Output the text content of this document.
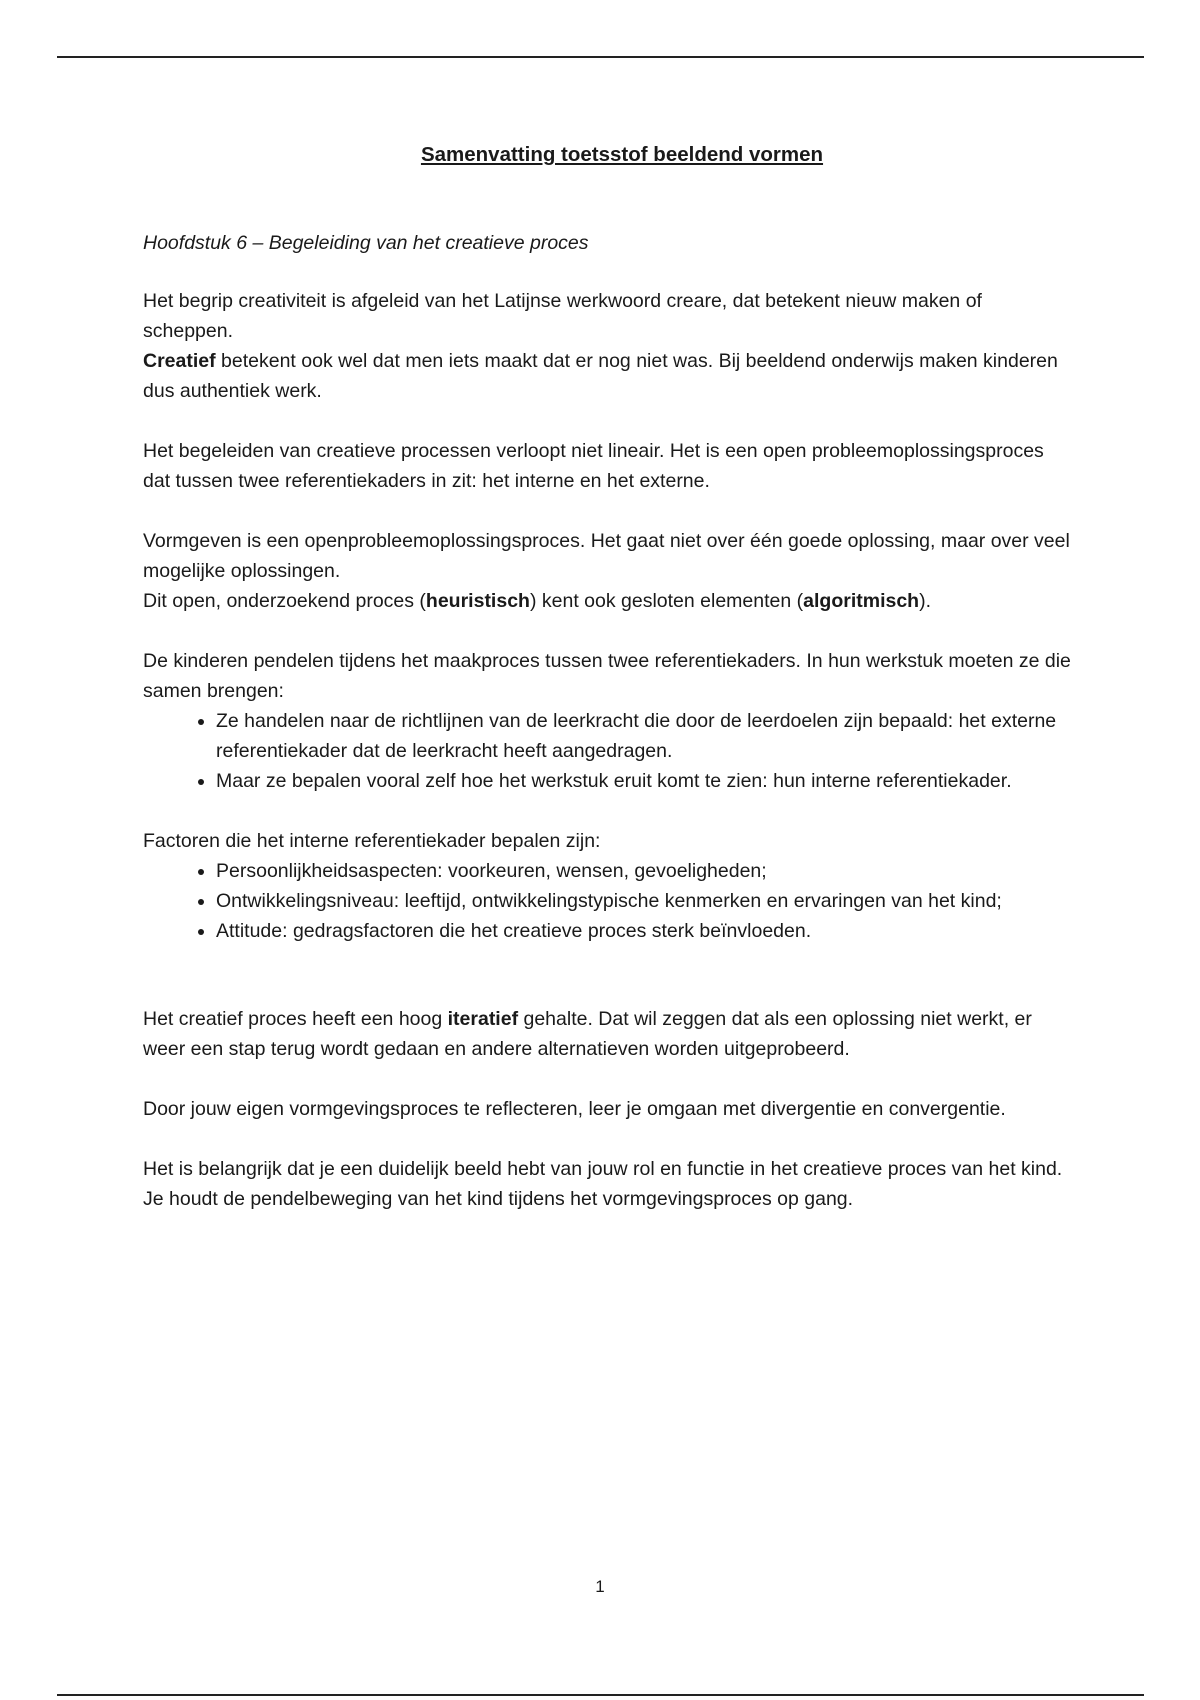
Samenvatting toetsstof beeldend vormen
Hoofdstuk 6 – Begeleiding van het creatieve proces

Het begrip creativiteit is afgeleid van het Latijnse werkwoord creare, dat betekent nieuw maken of scheppen.
Creatief betekent ook wel dat men iets maakt dat er nog niet was. Bij beeldend onderwijs maken kinderen dus authentiek werk.

Het begeleiden van creatieve processen verloopt niet lineair. Het is een open probleemoplossingsproces dat tussen twee referentiekaders in zit: het interne en het externe.

Vormgeven is een openprobleemoplossingsproces. Het gaat niet over één goede oplossing, maar over veel mogelijke oplossingen.
Dit open, onderzoekend proces (heuristisch) kent ook gesloten elementen (algoritmisch).

De kinderen pendelen tijdens het maakproces tussen twee referentiekaders. In hun werkstuk moeten ze die samen brengen:
• Ze handelen naar de richtlijnen van de leerkracht die door de leerdoelen zijn bepaald: het externe referentiekader dat de leerkracht heeft aangedragen.
• Maar ze bepalen vooral zelf hoe het werkstuk eruit komt te zien: hun interne referentiekader.
Factoren die het interne referentiekader bepalen zijn:
• Persoonlijkheidsaspecten: voorkeuren, wensen, gevoeligheden;
• Ontwikkelingsniveau: leeftijd, ontwikkelingstypische kenmerken en ervaringen van het kind;
• Attitude: gedragsfactoren die het creatieve proces sterk beïnvloeden.

Het creatief proces heeft een hoog iteratief gehalte. Dat wil zeggen dat als een oplossing niet werkt, er weer een stap terug wordt gedaan en andere alternatieven worden uitgeprobeerd.

Door jouw eigen vormgevingsproces te reflecteren, leer je omgaan met divergentie en convergentie.

Het is belangrijk dat je een duidelijk beeld hebt van jouw rol en functie in het creatieve proces van het kind. Je houdt de pendelbeweging van het kind tijdens het vormgevingsproces op gang.

1
